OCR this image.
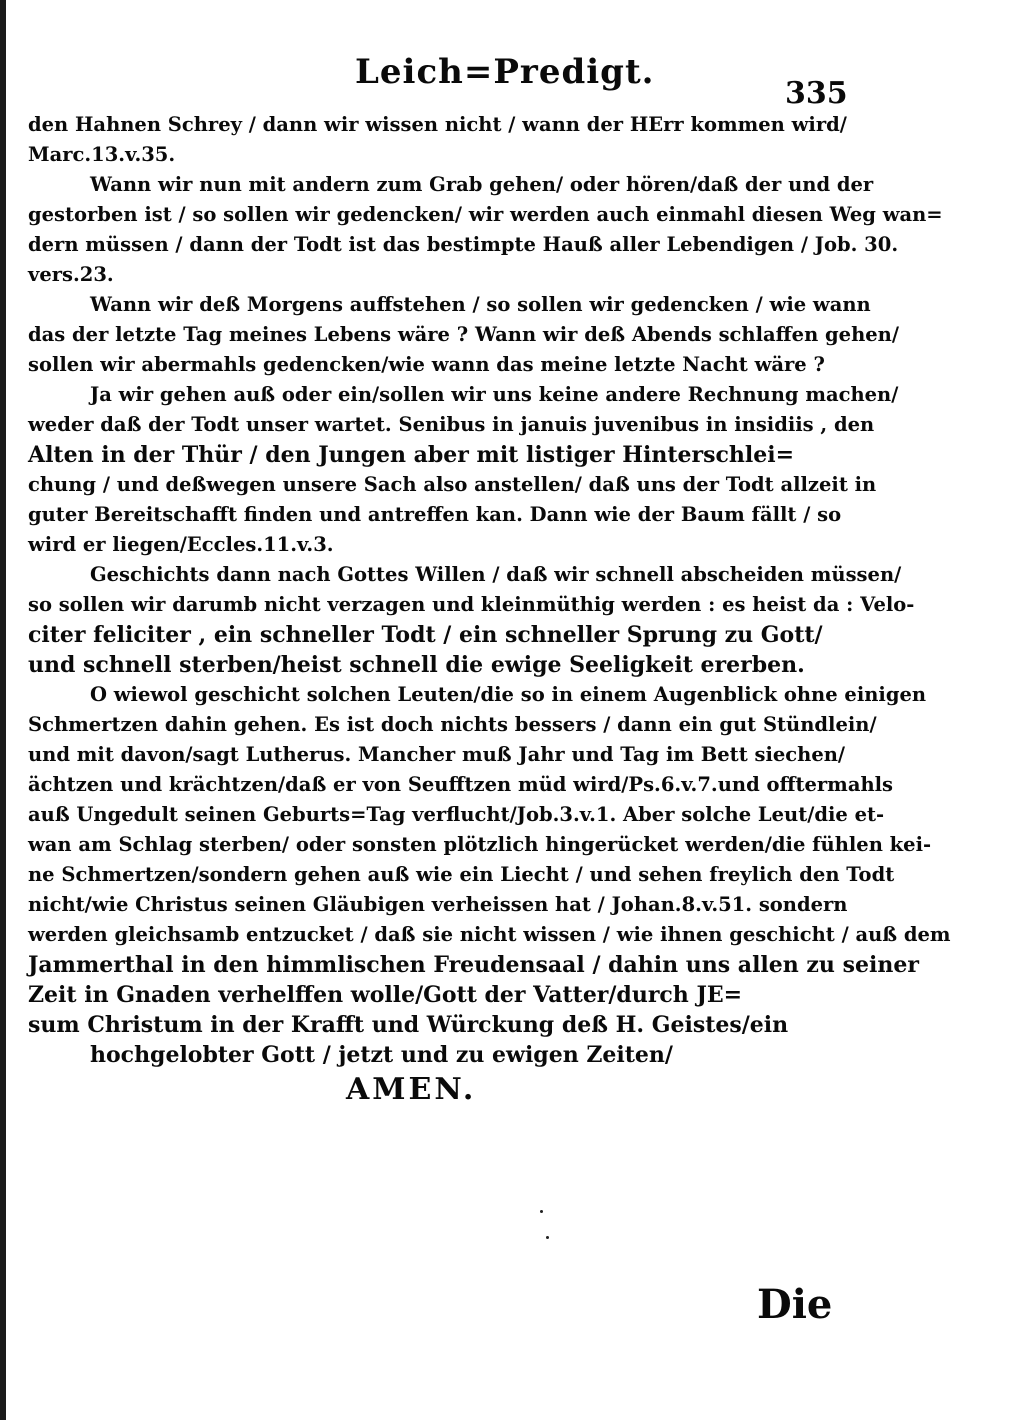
Leich=Predigt.
335
den Hahnen Schrey / dann wir wissen nicht / wann der HErr kommen wird/
Marc.13.v.35.
Wann wir nun mit andern zum Grab gehen/ oder hören/daß der und der
gestorben ist / so sollen wir gedencken/ wir werden auch einmahl diesen Weg wan=
dern müssen / dann der Todt ist das bestimpte Hauß aller Lebendigen / Job. 30.
vers.23.
Wann wir deß Morgens auffstehen / so sollen wir gedencken / wie wann
das der letzte Tag meines Lebens wäre ? Wann wir deß Abends schlaffen gehen/
sollen wir abermahls gedencken/wie wann das meine letzte Nacht wäre ?
Ja wir gehen auß oder ein/sollen wir uns keine andere Rechnung machen/
weder daß der Todt unser wartet. Senibus in januis juvenibus in insidiis , den
Alten in der Thür / den Jungen aber mit listiger Hinterschlei=
chung / und deßwegen unsere Sach also anstellen/ daß uns der Todt allzeit in
guter Bereitschafft finden und antreffen kan. Dann wie der Baum fällt / so
wird er liegen/Eccles.11.v.3.
Geschichts dann nach Gottes Willen / daß wir schnell abscheiden müssen/
so sollen wir darumb nicht verzagen und kleinmüthig werden : es heist da : Velo-
citer feliciter , ein schneller Todt / ein schneller Sprung zu Gott/
und schnell sterben/heist schnell die ewige Seeligkeit ererben.
O wiewol geschicht solchen Leuten/die so in einem Augenblick ohne einigen
Schmertzen dahin gehen. Es ist doch nichts bessers / dann ein gut Stündlein/
und mit davon/sagt Lutherus. Mancher muß Jahr und Tag im Bett siechen/
ächtzen und krächtzen/daß er von Seufftzen müd wird/Ps.6.v.7.und offtermahls
auß Ungedult seinen Geburts=Tag verflucht/Job.3.v.1. Aber solche Leut/die et-
wan am Schlag sterben/ oder sonsten plötzlich hingerücket werden/die fühlen kei-
ne Schmertzen/sondern gehen auß wie ein Liecht / und sehen freylich den Todt
nicht/wie Christus seinen Gläubigen verheissen hat / Johan.8.v.51. sondern
werden gleichsamb entzucket / daß sie nicht wissen / wie ihnen geschicht / auß dem
Jammerthal in den himmlischen Freudensaal / dahin uns allen zu seiner
Zeit in Gnaden verhelffen wolle/Gott der Vatter/durch JE=
sum Christum in der Krafft und Würckung deß H. Geistes/ein
hochgelobter Gott / jetzt und zu ewigen Zeiten/
AMEN.
Die
